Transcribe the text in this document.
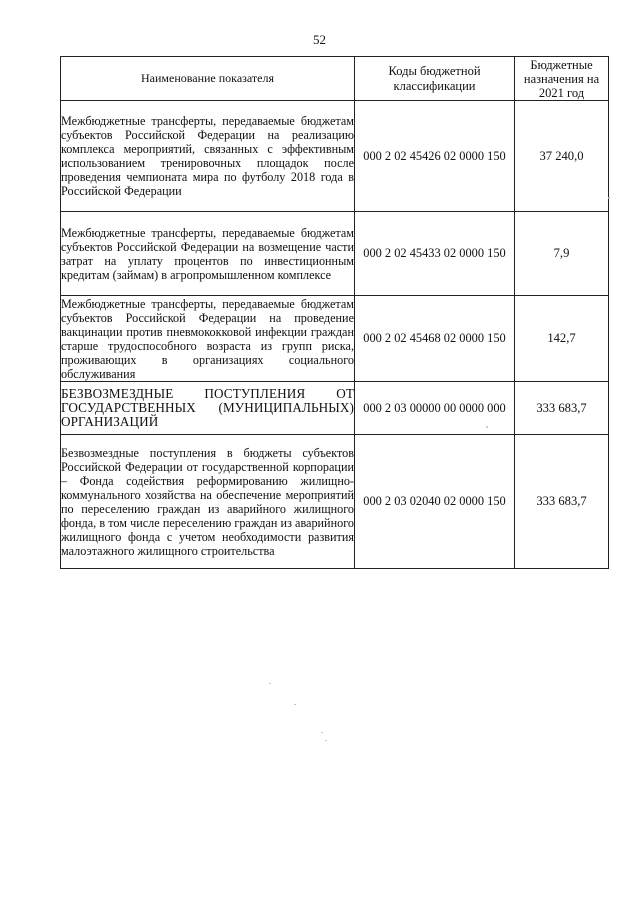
52
Наименование показателя	Коды бюджетной классификации	Бюджетные назначения на 2021 год
Межбюджетные трансферты, передаваемые бюджетам субъектов Российской Федерации на реализацию комплекса мероприятий, связанных с эффективным использованием тренировочных площадок после проведения чемпионата мира по футболу 2018 года в Российской Федерации	000 2 02 45426 02 0000 150	37 240,0
Межбюджетные трансферты, передаваемые бюджетам субъектов Российской Федерации на возмещение части затрат на уплату процентов по инвестиционным кредитам (займам) в агропромышленном комплексе	000 2 02 45433 02 0000 150	7,9
Межбюджетные трансферты, передаваемые бюджетам субъектов Российской Федерации на проведение вакцинации против пневмококковой инфекции граждан старше трудоспособного возраста из групп риска, проживающих в организациях социального обслуживания	000 2 02 45468 02 0000 150	142,7
БЕЗВОЗМЕЗДНЫЕ ПОСТУПЛЕНИЯ ОТ ГОСУДАРСТВЕННЫХ (МУНИЦИПАЛЬНЫХ) ОРГАНИЗАЦИЙ	000 2 03 00000 00 0000 000	333 683,7
Безвозмездные поступления в бюджеты субъектов Российской Федерации от государственной корпорации – Фонда содействия реформированию жилищно-коммунального хозяйства на обеспечение мероприятий по переселению граждан из аварийного жилищного фонда, в том числе переселению граждан из аварийного жилищного фонда с учетом необходимости развития малоэтажного жилищного строительства	000 2 03 02040 02 0000 150	333 683,7
